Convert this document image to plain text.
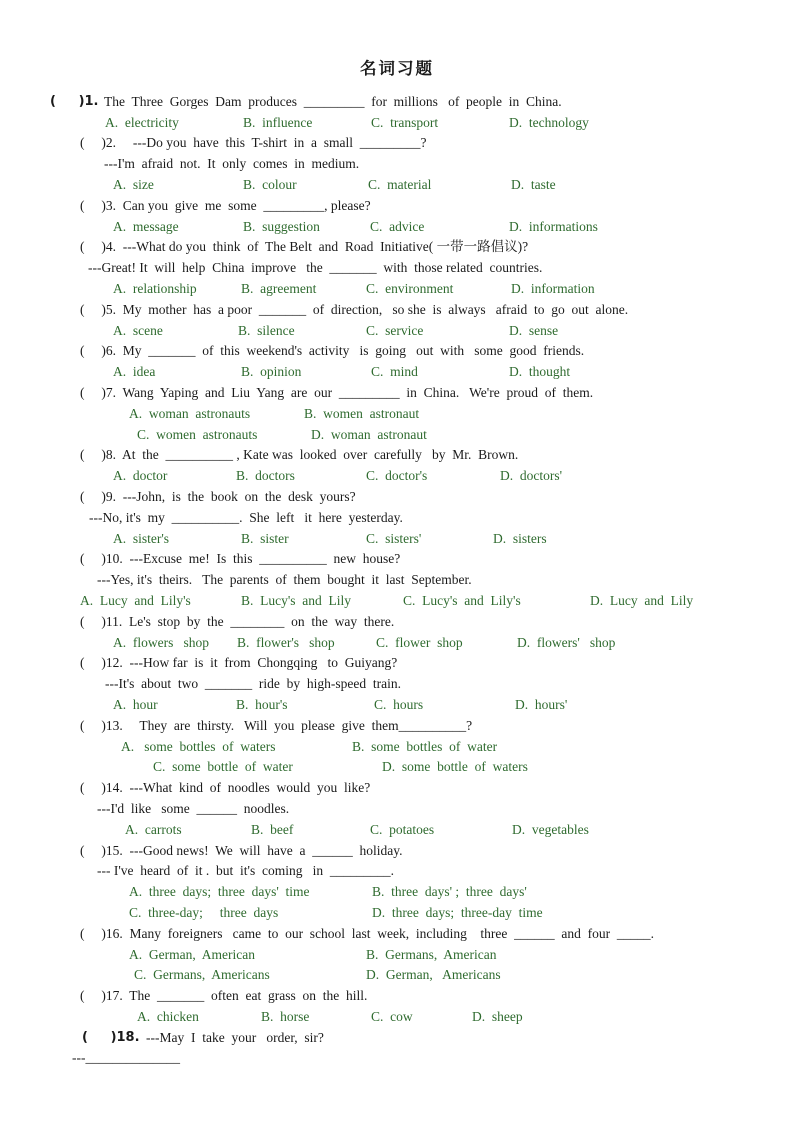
名词习题
(     )1. The  Three  Gorges  Dam  produces  _________  for  millions   of  people  in  China.
A.  electricity	B.  influence	C.  transport	D.  technology
(     )2.     ---Do you  have  this  T-shirt  in  a  small  _________?
---I'm  afraid  not.  It  only  comes  in  medium.
A.  size	B.  colour	C.  material	D.  taste
(     )3.  Can you  give  me  some  _________, please?
A.  message	B.  suggestion	C.  advice	D.  informations
(     )4.  ---What do you  think  of  The Belt  and  Road  Initiative( 一带一路倡议)?
---Great! It  will  help  China  improve   the  _______  with  those related  countries.
A.  relationship	B.  agreement	C.  environment	D.  information
(     )5.  My  mother  has  a poor  _______  of  direction,   so she  is  always   afraid  to  go  out  alone.
A.  scene	B.  silence	C.  service	D.  sense
(     )6.  My  _______  of  this  weekend's  activity   is  going   out  with   some  good  friends.
A.  idea	B.  opinion	C.  mind	D.  thought
(     )7.  Wang  Yaping  and  Liu  Yang  are  our  _________  in  China.   We're  proud  of  them.
A.  woman  astronauts	B.  women  astronaut
C.  women  astronauts	D.  woman  astronaut
(     )8.  At  the  __________ , Kate was  looked  over  carefully   by  Mr.  Brown.
A.  doctor	B.  doctors	C.  doctor's	D.  doctors'
(     )9.  ---John,  is  the  book  on  the  desk  yours?
---No, it's  my  __________.  She  left   it  here  yesterday.
A.  sister's	B.  sister	C.  sisters'	D.  sisters
(     )10.  ---Excuse  me!  Is  this  __________  new  house?
---Yes, it's  theirs.   The  parents  of  them  bought  it  last  September.
A.  Lucy  and  Lily's	B.  Lucy's  and  Lily	C.  Lucy's  and  Lily's	D.  Lucy  and  Lily
(     )11.  Le's  stop  by  the  ________  on  the  way  there.
A.  flowers   shop B.  flower's   shop	C.  flower  shop	D.  flowers'   shop
(     )12.  ---How far  is  it  from  Chongqing   to  Guiyang?
---It's  about  two  _______  ride  by  high-speed  train.
A.  hour	B.  hour's	C.  hours	D.  hours'
(     )13.     They  are  thirsty.   Will  you  please  give  them__________?
A.   some  bottles  of  waters	B.  some  bottles  of  water
C.  some  bottle  of  water	D.  some  bottle  of  waters
(     )14.  ---What  kind  of  noodles  would  you  like?
---I'd  like   some  ______  noodles.
A.  carrots	B.  beef	C.  potatoes	D.  vegetables
(     )15.  ---Good news!  We  will  have  a  ______  holiday.
--- I've  heard  of  it .  but  it's  coming   in  _________.
A.  three  days;  three  days'  time	B.  three  days' ;  three  days'
C.  three-day;     three  days	D.  three  days;  three-day  time
(     )16.  Many  foreigners   came  to  our  school  last  week,  including    three  ______  and  four  _____.
A.  German,  American	B.  Germans,  American
C.  Germans,  Americans	D.  German,   Americans
(     )17.  The  _______  often  eat  grass  on  the  hill.
A.  chicken	B.  horse	C.  cow	D.  sheep
(     )18. ---May  I  take  your   order,  sir?
---______________
